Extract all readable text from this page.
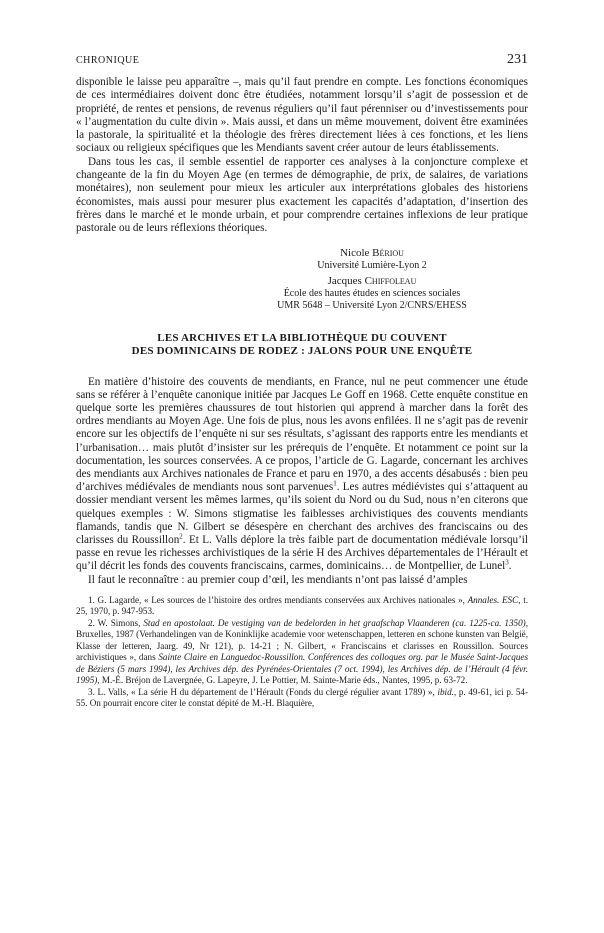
CHRONIQUE	231

disponible le laisse peu apparaître –, mais qu’il faut prendre en compte. Les fonctions économiques de ces intermédiaires doivent donc être étudiées, notamment lorsqu’il s’agit de possession et de propriété, de rentes et pensions, de revenus réguliers qu’il faut pérenniser ou d’investissements pour « l’augmentation du culte divin ». Mais aussi, et dans un même mouvement, doivent être examinées la pastorale, la spiritualité et la théologie des frères directement liées à ces fonctions, et les liens sociaux ou religieux spécifiques que les Mendiants savent créer autour de leurs établissements.

Dans tous les cas, il semble essentiel de rapporter ces analyses à la conjoncture complexe et changeante de la fin du Moyen Age (en termes de démographie, de prix, de salaires, de variations monétaires), non seulement pour mieux les articuler aux interprétations globales des historiens économistes, mais aussi pour mesurer plus exactement les capacités d’adaptation, d’insertion des frères dans le marché et le monde urbain, et pour comprendre certaines inflexions de leur pratique pastorale ou de leurs réflexions théoriques.

Nicole Bériou
Université Lumière-Lyon 2
Jacques Chiffoleau
École des hautes études en sciences sociales
UMR 5648 – Université Lyon 2/CNRS/EHESS
LES ARCHIVES ET LA BIBLIOTHÈQUE DU COUVENT
DES DOMINICAINS DE RODEZ : JALONS POUR UNE ENQUÊTE

En matière d’histoire des couvents de mendiants, en France, nul ne peut commencer une étude sans se référer à l’enquête canonique initiée par Jacques Le Goff en 1968. Cette enquête constitue en quelque sorte les premières chaussures de tout historien qui apprend à marcher dans la forêt des ordres mendiants au Moyen Age. Une fois de plus, nous les avons enfilées. Il ne s’agit pas de revenir encore sur les objectifs de l’enquête ni sur ses résultats, s’agissant des rapports entre les mendiants et l’urbanisation… mais plutôt d’insister sur les prérequis de l’enquête. Et notamment ce point sur la documentation, les sources conservées. A ce propos, l’article de G. Lagarde, concernant les archives des mendiants aux Archives nationales de France et paru en 1970, a des accents désabusés : bien peu d’archives médiévales de mendiants nous sont parvenues$^1$. Les autres médiévistes qui s’attaquent au dossier mendiant versent les mêmes larmes, qu’ils soient du Nord ou du Sud, nous n’en citerons que quelques exemples : W. Simons stigmatise les faiblesses archivistiques des couvents mendiants flamands, tandis que N. Gilbert se désespère en cherchant des archives des franciscains ou des clarisses du Roussillon$^2$. Et L. Valls déplore la très faible part de documentation médiévale lorsqu’il passe en revue les richesses archivistiques de la série H des Archives départementales de l’Hérault et qu’il décrit les fonds des couvents franciscains, carmes, dominicains… de Montpellier, de Lunel$^3$.

Il faut le reconnaître : au premier coup d’œil, les mendiants n’ont pas laissé d’amples

1. G. Lagarde, « Les sources de l’histoire des ordres mendiants conservées aux Archives nationales », Annales. ESC, t. 25, 1970, p. 947-953.

2. W. Simons, Stad en apostolaat. De vestiging van de bedelorden in het graafschap Vlaanderen (ca. 1225-ca. 1350), Bruxelles, 1987 (Verhandelingen van de Koninklijke academie voor wetenschappen, letteren en schone kunsten van België, Klasse der letteren, Jaarg. 49, Nr 121), p. 14-21 ; N. Gilbert, « Franciscains et clarisses en Roussillon. Sources archivistiques », dans Sainte Claire en Languedoc-Roussillon. Conférences des colloques org. par le Musée Saint-Jacques de Béziers (5 mars 1994), les Archives dép. des Pyrénées-Orientales (7 oct. 1994), les Archives dép. de l’Hérault (4 févr. 1995), M.-É. Bréjon de Lavergnée, G. Lapeyre, J. Le Pottier, M. Sainte-Marie éds., Nantes, 1995, p. 63-72.

3. L. Valls, « La série H du département de l’Hérault (Fonds du clergé régulier avant 1789) », ibid., p. 49-61, ici p. 54-55. On pourrait encore citer le constat dépité de M.-H. Blaquière,
